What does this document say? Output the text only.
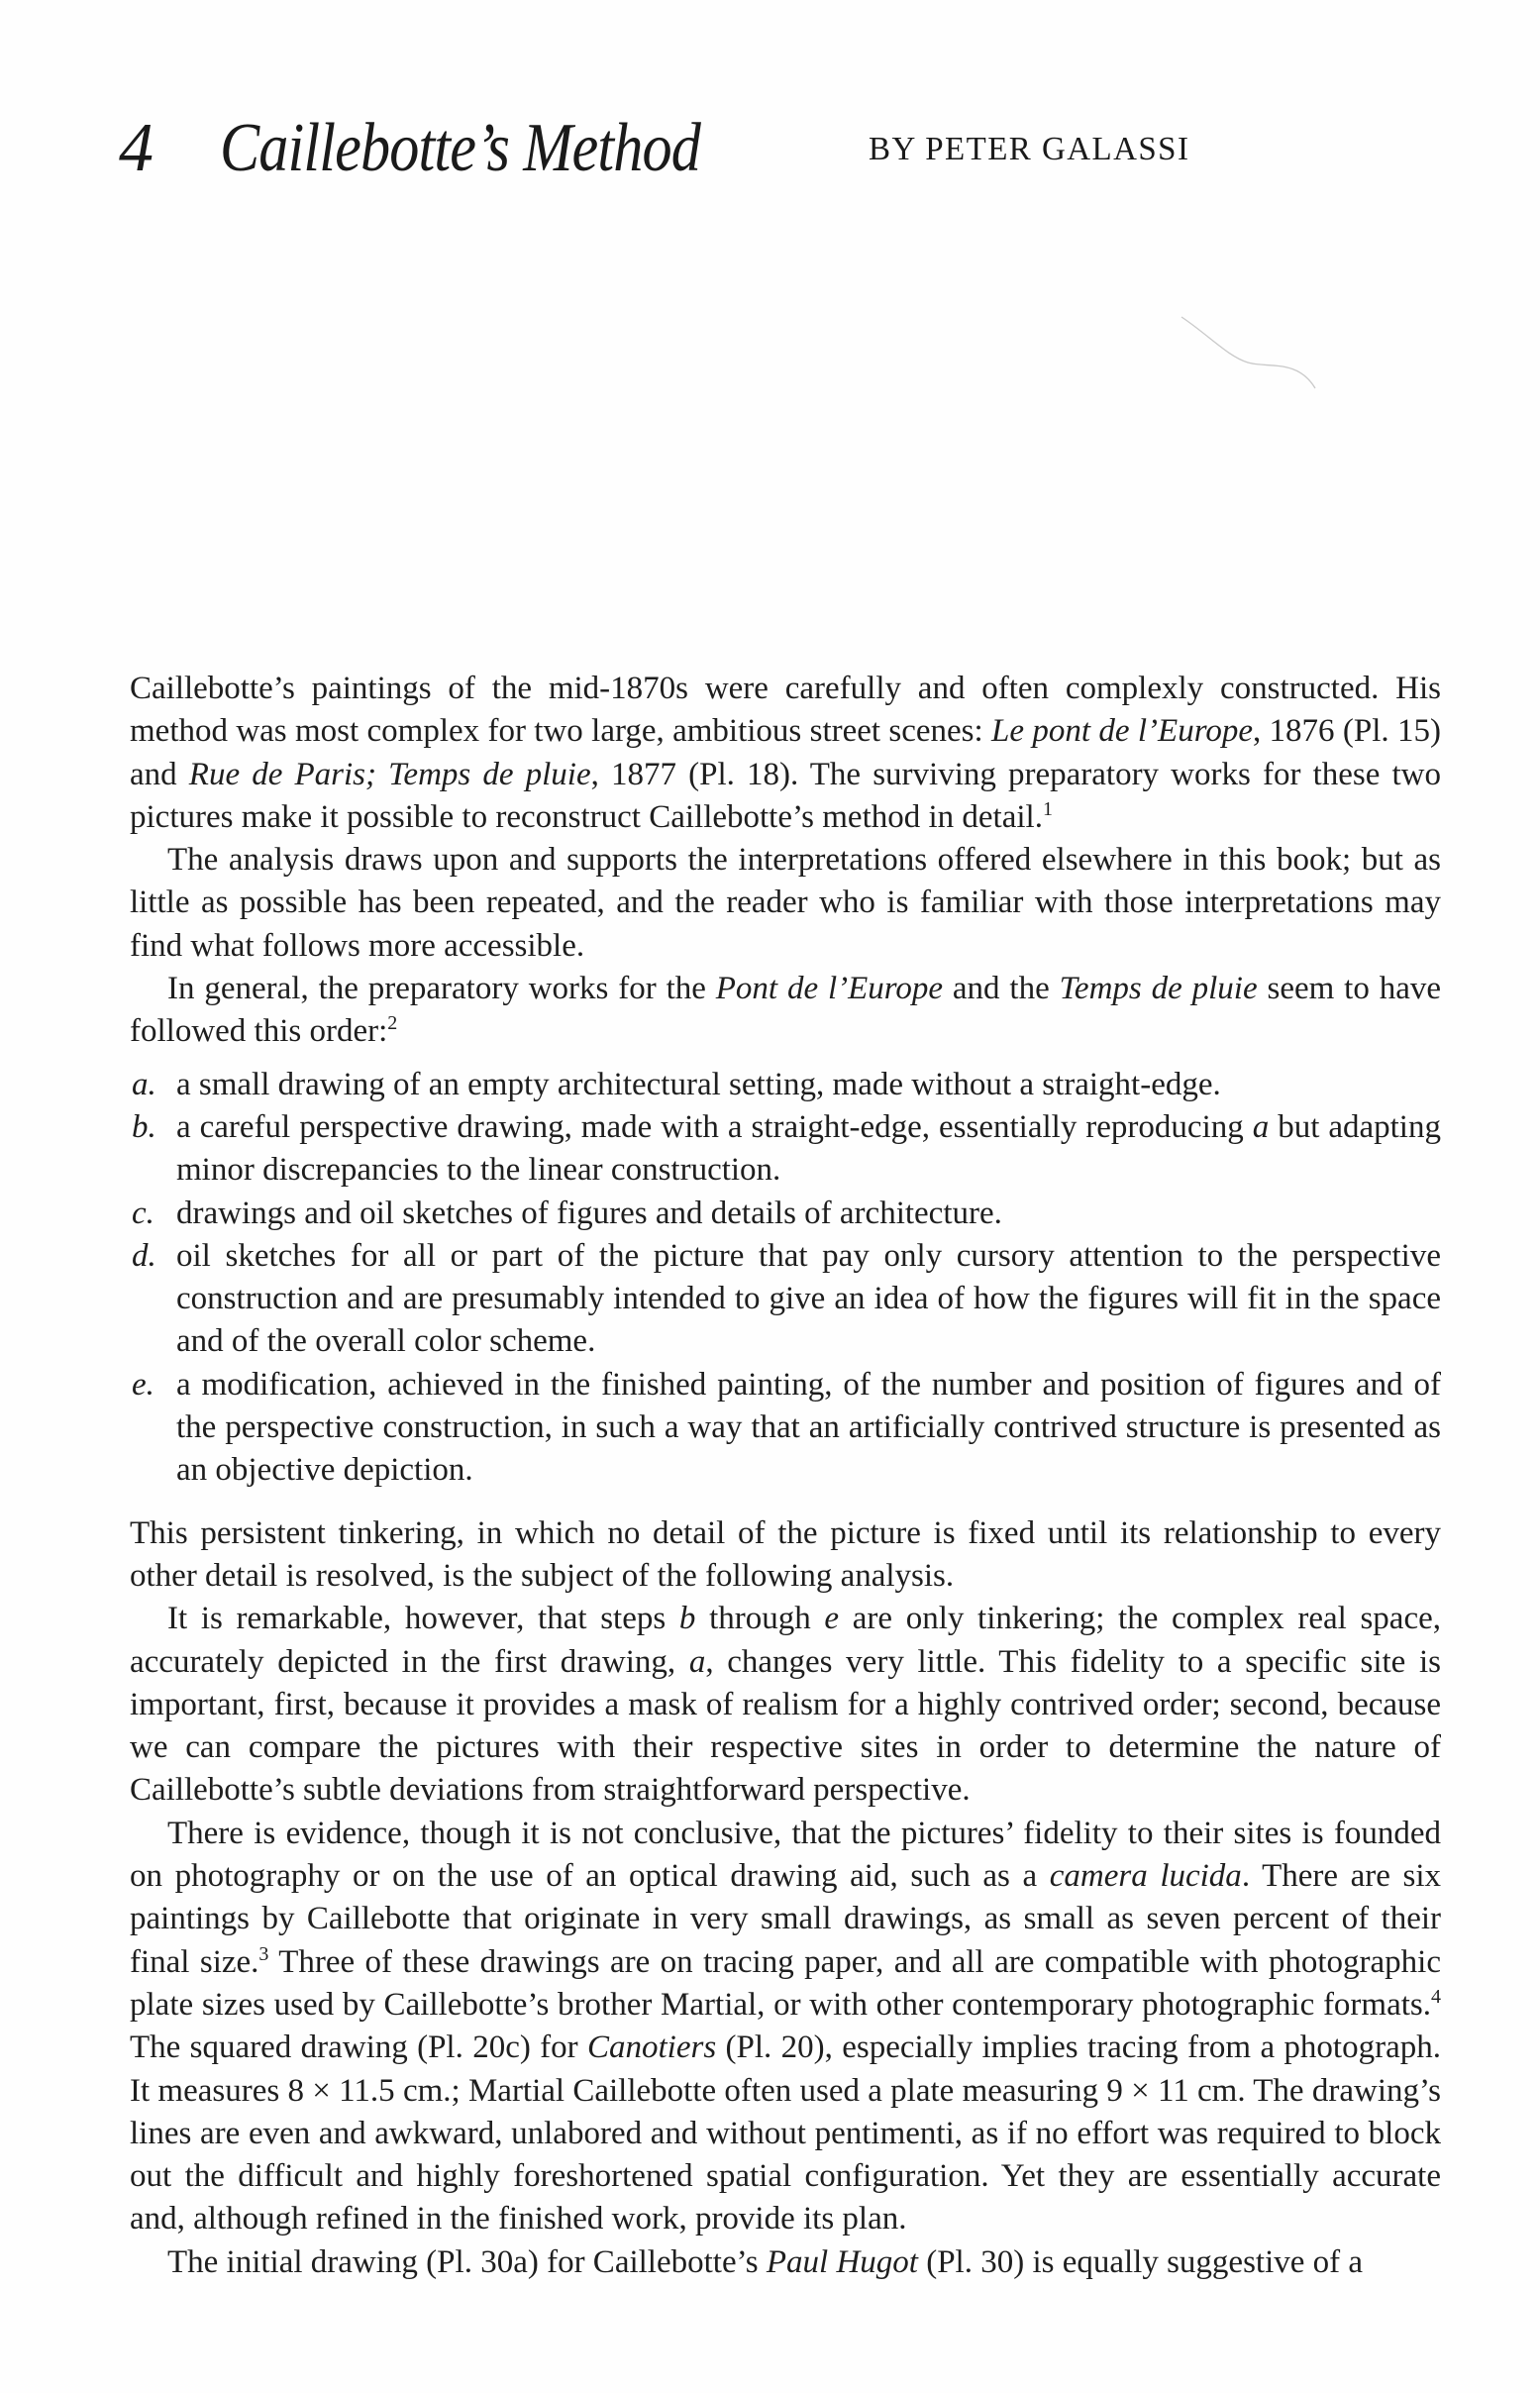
4 Caillebotte’s Method	BY PETER GALASSI

Caillebotte’s paintings of the mid-1870s were carefully and often complexly constructed. His method was most complex for two large, ambitious street scenes: Le pont de l’Europe, 1876 (Pl. 15) and Rue de Paris; Temps de pluie, 1877 (Pl. 18). The surviving preparatory works for these two pictures make it possible to reconstruct Caillebotte’s method in detail.$^1$

The analysis draws upon and supports the interpretations offered elsewhere in this book; but as little as possible has been repeated, and the reader who is familiar with those interpretations may find what follows more accessible.

In general, the preparatory works for the Pont de l’Europe and the Temps de pluie seem to have followed this order:$^2$

a. a small drawing of an empty architectural setting, made without a straight-edge.
b. a careful perspective drawing, made with a straight-edge, essentially reproducing a but adapting minor discrepancies to the linear construction.
c. drawings and oil sketches of figures and details of architecture.
d. oil sketches for all or part of the picture that pay only cursory attention to the perspective construction and are presumably intended to give an idea of how the figures will fit in the space and of the overall color scheme.
e. a modification, achieved in the finished painting, of the number and position of figures and of the perspective construction, in such a way that an artificially contrived structure is presented as an objective depiction.

This persistent tinkering, in which no detail of the picture is fixed until its relationship to every other detail is resolved, is the subject of the following analysis.

It is remarkable, however, that steps b through e are only tinkering; the complex real space, accurately depicted in the first drawing, a, changes very little. This fidelity to a specific site is important, first, because it provides a mask of realism for a highly contrived order; second, because we can compare the pictures with their respective sites in order to determine the nature of Caillebotte’s subtle deviations from straightforward perspective.

There is evidence, though it is not conclusive, that the pictures’ fidelity to their sites is founded on photography or on the use of an optical drawing aid, such as a camera lucida. There are six paintings by Caillebotte that originate in very small drawings, as small as seven percent of their final size.$^3$ Three of these drawings are on tracing paper, and all are compatible with photographic plate sizes used by Caillebotte’s brother Martial, or with other contemporary photographic formats.$^4$ The squared drawing (Pl. 20c) for Canotiers (Pl. 20), especially implies tracing from a photograph. It measures 8 × 11.5 cm.; Martial Caillebotte often used a plate measuring 9 × 11 cm. The drawing’s lines are even and awkward, unlabored and without pentimenti, as if no effort was required to block out the difficult and highly foreshortened spatial configuration. Yet they are essentially accurate and, although refined in the finished work, provide its plan.

The initial drawing (Pl. 30a) for Caillebotte’s Paul Hugot (Pl. 30) is equally suggestive of a
